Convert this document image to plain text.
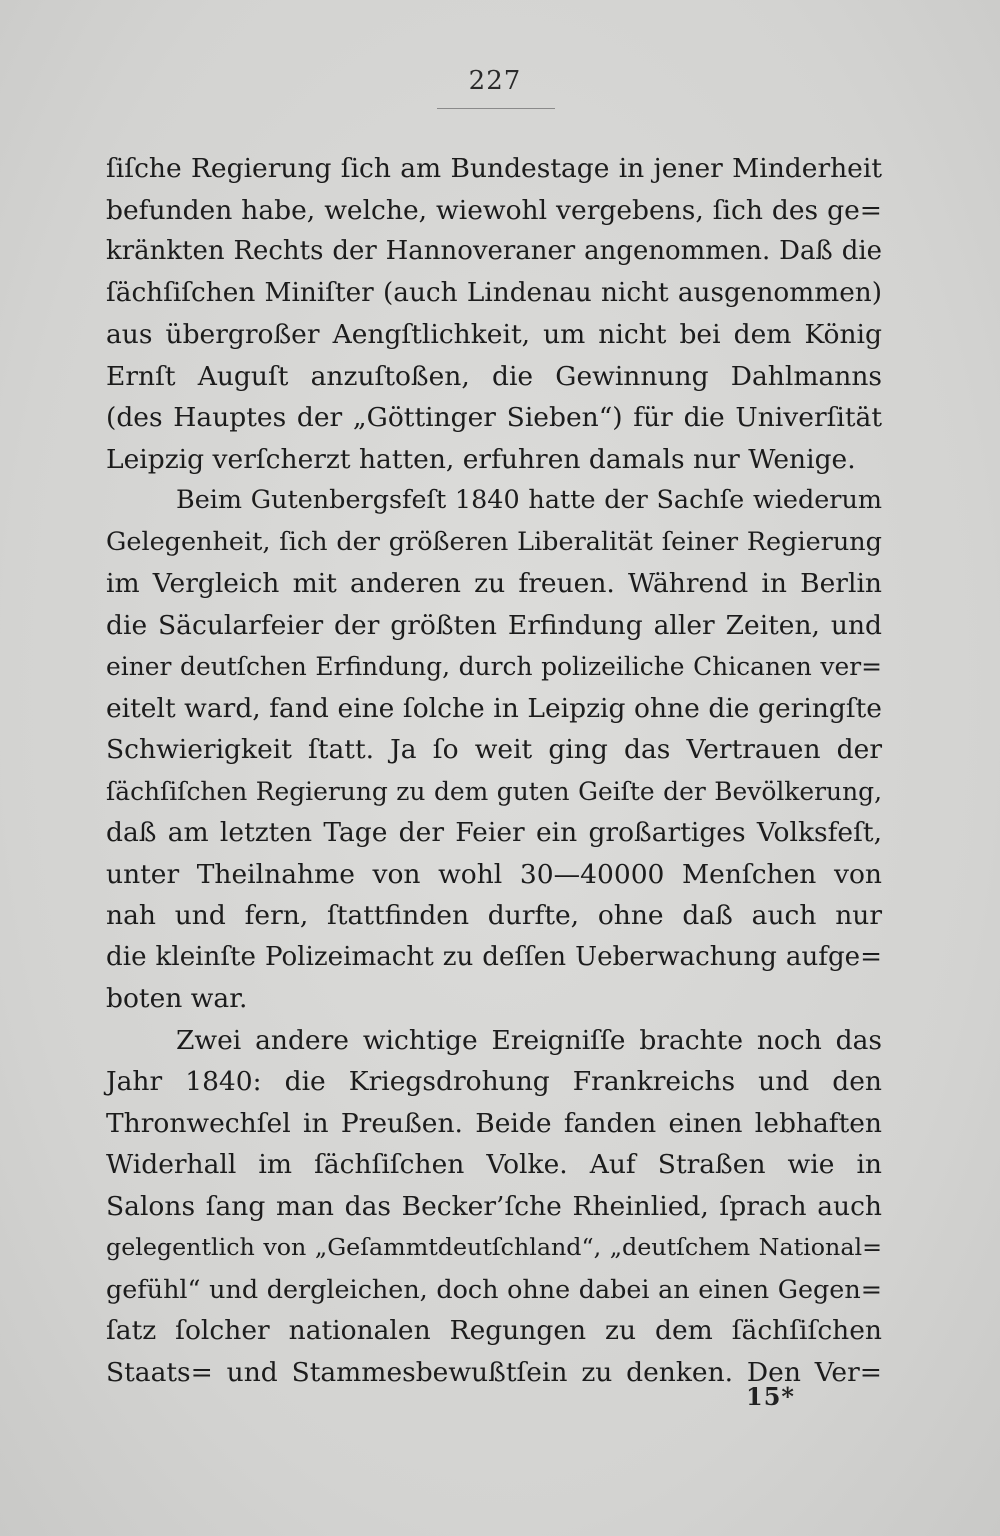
227
ſiſche Regierung ſich am Bundestage in jener Minderheit
befunden habe, welche, wiewohl vergebens, ſich des ge=
kränkten Rechts der Hannoveraner angenommen. Daß die
ſächſiſchen Miniſter (auch Lindenau nicht ausgenommen)
aus übergroßer Aengſtlichkeit, um nicht bei dem König
Ernſt Auguſt anzuſtoßen, die Gewinnung Dahlmanns
(des Hauptes der „Göttinger Sieben“) für die Univerſität
Leipzig verſcherzt hatten, erfuhren damals nur Wenige.
Beim Gutenbergsfeſt 1840 hatte der Sachſe wiederum
Gelegenheit, ſich der größeren Liberalität ſeiner Regierung
im Vergleich mit anderen zu freuen. Während in Berlin
die Säcularfeier der größten Erfindung aller Zeiten, und
einer deutſchen Erfindung, durch polizeiliche Chicanen ver=
eitelt ward, fand eine ſolche in Leipzig ohne die geringſte
Schwierigkeit ſtatt. Ja ſo weit ging das Vertrauen der
ſächſiſchen Regierung zu dem guten Geiſte der Bevölkerung,
daß am letzten Tage der Feier ein großartiges Volksfeſt,
unter Theilnahme von wohl 30—40000 Menſchen von
nah und fern, ſtattfinden durfte, ohne daß auch nur
die kleinſte Polizeimacht zu deſſen Ueberwachung aufge=
boten war.
Zwei andere wichtige Ereigniſſe brachte noch das
Jahr 1840: die Kriegsdrohung Frankreichs und den
Thronwechſel in Preußen. Beide fanden einen lebhaften
Widerhall im ſächſiſchen Volke. Auf Straßen wie in
Salons ſang man das Becker’ſche Rheinlied, ſprach auch
gelegentlich von „Geſammtdeutſchland“, „deutſchem National=
gefühl“ und dergleichen, doch ohne dabei an einen Gegen=
ſatz ſolcher nationalen Regungen zu dem ſächſiſchen
Staats= und Stammesbewußtſein zu denken. Den Ver=
15*
